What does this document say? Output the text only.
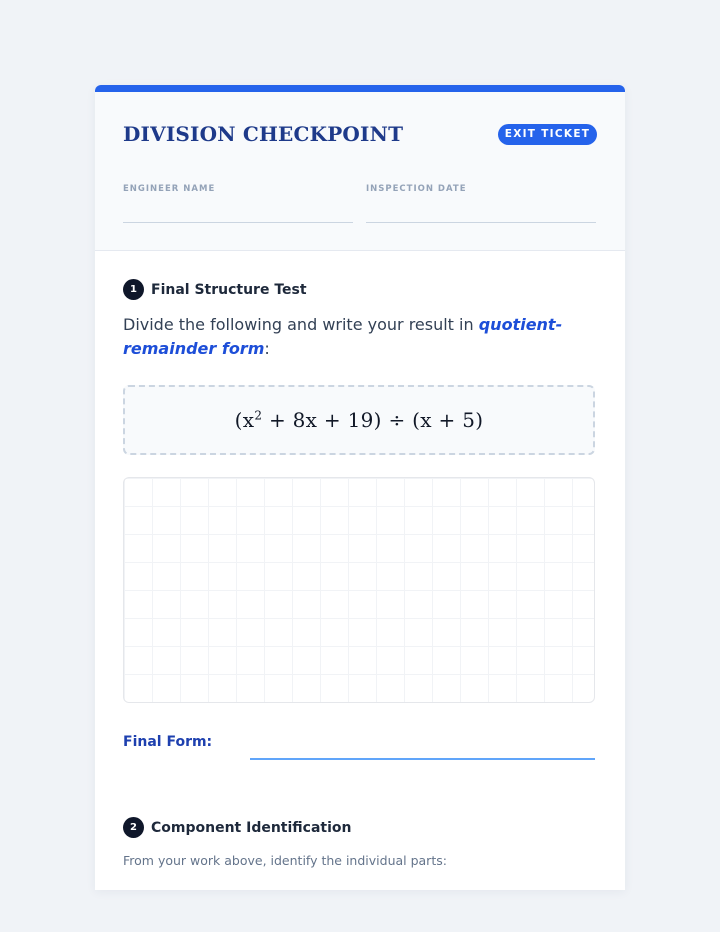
DIVISION CHECKPOINT	EXIT TICKET
ENGINEER NAME	INSPECTION DATE
1	Final Structure Test

Divide the following and write your result in quotient-remainder form:

$(x^2 + 8x + 19) \div (x + 5)$
Final Form:
2	Component Identification

From your work above, identify the individual parts:
